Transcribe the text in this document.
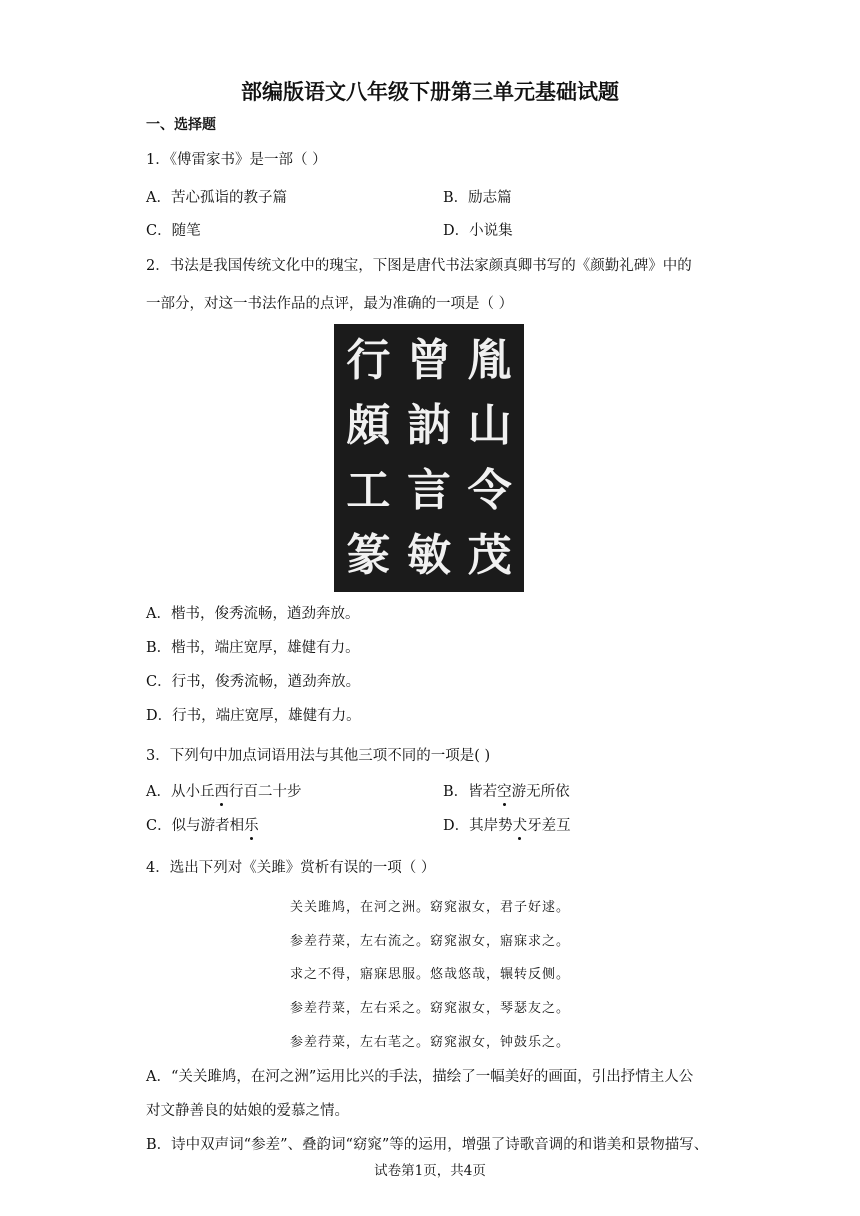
部编版语文八年级下册第三单元基础试题
一、选择题
1．《傅雷家书》是一部（ ）
A．苦心孤诣的教子篇	B．励志篇
C．随笔	D．小说集
2．书法是我国传统文化中的瑰宝，下图是唐代书法家颜真卿书写的《颜勤礼碑》中的
一部分，对这一书法作品的点评，最为准确的一项是（ ）
行
頗
工
篆
曾
訥
言
敏
胤
山
令
茂
A．楷书，俊秀流畅，遒劲奔放。
B．楷书，端庄宽厚，雄健有力。
C．行书，俊秀流畅，遒劲奔放。
D．行书，端庄宽厚，雄健有力。
3．下列句中加点词语用法与其他三项不同的一项是( )
A．从小丘西行百二十步	B．皆若空游无所依
C．似与游者相乐	D．其岸势犬牙差互
4．选出下列对《关雎》赏析有误的一项（ ）
关关雎鸠，在河之洲。窈窕淑女，君子好逑。
参差荇菜，左右流之。窈窕淑女，寤寐求之。
求之不得，寤寐思服。悠哉悠哉，辗转反侧。
参差荇菜，左右采之。窈窕淑女，琴瑟友之。
参差荇菜，左右芼之。窈窕淑女，钟鼓乐之。
A．“关关雎鸠，在河之洲”运用比兴的手法，描绘了一幅美好的画面，引出抒情主人公
对文静善良的姑娘的爱慕之情。
B．诗中双声词“参差”、叠韵词“窈窕”等的运用，增强了诗歌音调的和谐美和景物描写、
试卷第1页，共4页
